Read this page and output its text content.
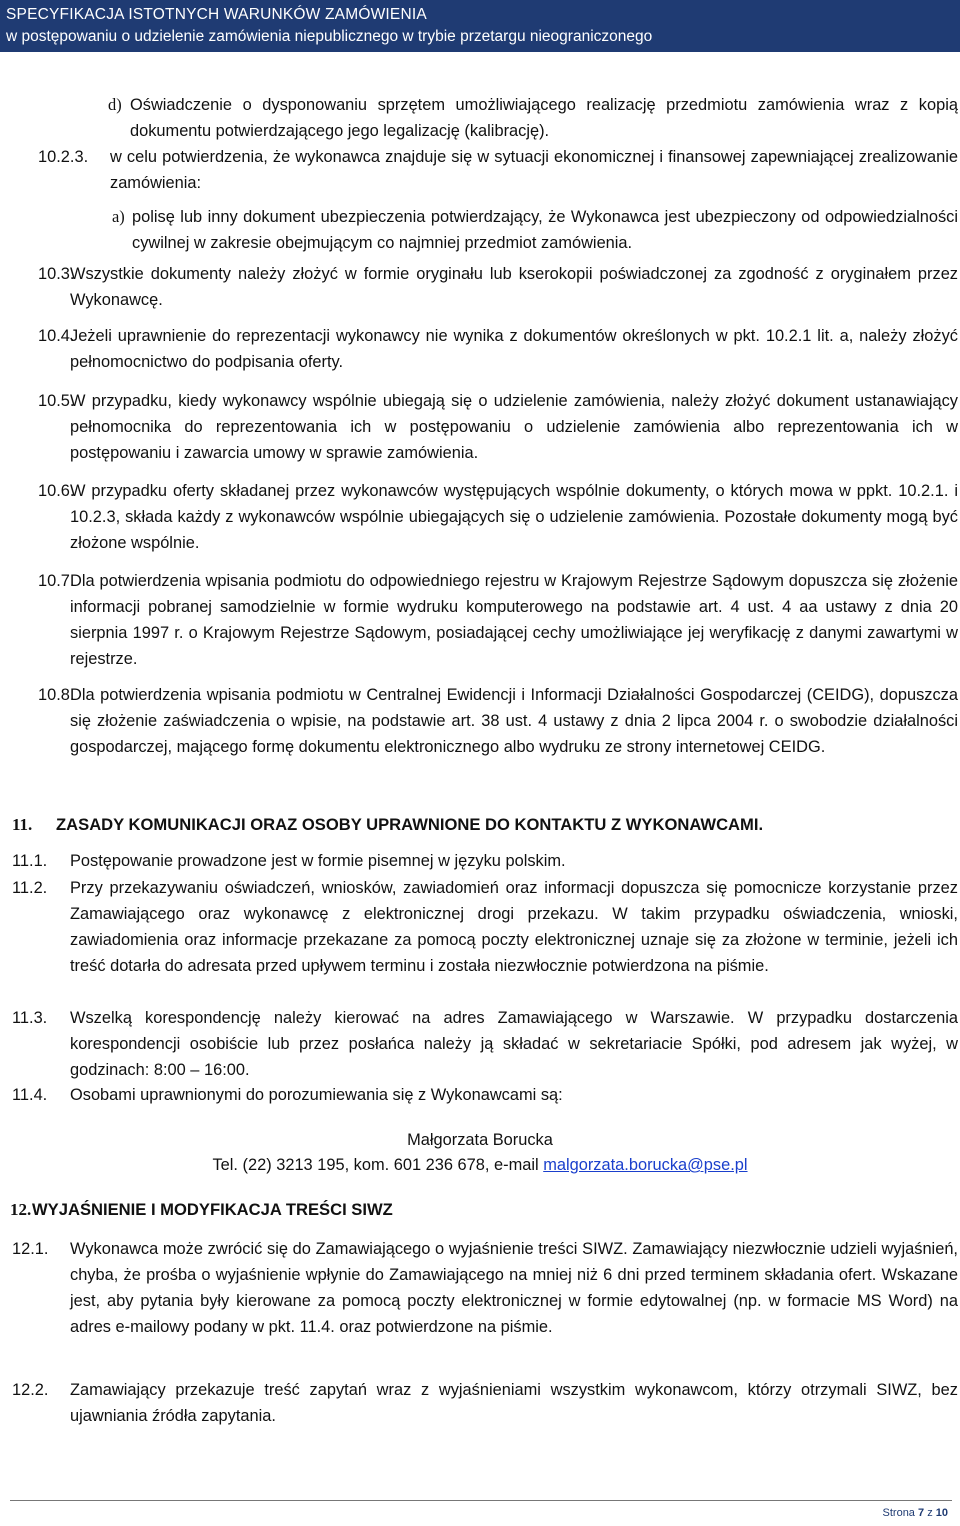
SPECYFIKACJA ISTOTNYCH WARUNKÓW ZAMÓWIENIA
w postępowaniu o udzielenie zamówienia niepublicznego w trybie przetargu nieograniczonego
d) Oświadczenie o dysponowaniu sprzętem umożliwiającego realizację przedmiotu zamówienia wraz z kopią dokumentu potwierdzającego jego legalizację (kalibrację).
10.2.3. w celu potwierdzenia, że wykonawca znajduje się w sytuacji ekonomicznej i finansowej zapewniającej zrealizowanie zamówienia:
a) polisę lub inny dokument ubezpieczenia potwierdzający, że Wykonawca jest ubezpieczony od odpowiedzialności cywilnej w zakresie obejmującym co najmniej przedmiot zamówienia.
10.3.
Wszystkie dokumenty należy złożyć w formie oryginału lub kserokopii poświadczonej za zgodność z oryginałem przez Wykonawcę.
10.4.
Jeżeli uprawnienie do reprezentacji wykonawcy nie wynika z dokumentów określonych w pkt. 10.2.1 lit. a, należy złożyć pełnomocnictwo do podpisania oferty.
10.5.
W przypadku, kiedy wykonawcy wspólnie ubiegają się o udzielenie zamówienia, należy złożyć dokument ustanawiający pełnomocnika do reprezentowania ich w postępowaniu o udzielenie zamówienia albo reprezentowania ich w postępowaniu i zawarcia umowy w sprawie zamówienia.
10.6.
W przypadku oferty składanej przez wykonawców występujących wspólnie dokumenty, o których mowa w ppkt. 10.2.1. i 10.2.3, składa każdy z wykonawców wspólnie ubiegających się o udzielenie zamówienia. Pozostałe dokumenty mogą być złożone wspólnie.
10.7.
Dla potwierdzenia wpisania podmiotu do odpowiedniego rejestru w Krajowym Rejestrze Sądowym dopuszcza się złożenie informacji pobranej samodzielnie w formie wydruku komputerowego na podstawie art. 4 ust. 4 aa ustawy z dnia 20 sierpnia 1997 r. o Krajowym Rejestrze Sądowym, posiadającej cechy umożliwiające jej weryfikację z danymi zawartymi w rejestrze.
10.8.
Dla potwierdzenia wpisania podmiotu w Centralnej Ewidencji i Informacji Działalności Gospodarczej (CEIDG), dopuszcza się złożenie zaświadczenia o wpisie, na podstawie art. 38 ust. 4 ustawy z dnia 2 lipca 2004 r. o swobodzie działalności gospodarczej, mającego formę dokumentu elektronicznego albo wydruku ze strony internetowej CEIDG.
11. ZASADY KOMUNIKACJI ORAZ OSOBY UPRAWNIONE DO KONTAKTU Z WYKONAWCAMI.
11.1. Postępowanie prowadzone jest w formie pisemnej w języku polskim.
11.2. Przy przekazywaniu oświadczeń, wniosków, zawiadomień oraz informacji dopuszcza się pomocnicze korzystanie przez Zamawiającego oraz wykonawcę z elektronicznej drogi przekazu. W takim przypadku oświadczenia, wnioski, zawiadomienia oraz informacje przekazane za pomocą poczty elektronicznej uznaje się za złożone w terminie, jeżeli ich treść dotarła do adresata przed upływem terminu i została niezwłocznie potwierdzona na piśmie.
11.3. Wszelką korespondencję należy kierować na adres Zamawiającego w Warszawie. W przypadku dostarczenia korespondencji osobiście lub przez posłańca należy ją składać w sekretariacie Spółki, pod adresem jak wyżej, w godzinach: 8:00 – 16:00.
11.4. Osobami uprawnionymi do porozumiewania się z Wykonawcami są:
Małgorzata Borucka
Tel. (22) 3213 195, kom. 601 236 678, e-mail malgorzata.borucka@pse.pl
12. WYJAŚNIENIE I MODYFIKACJA TREŚCI SIWZ
12.1. Wykonawca może zwrócić się do Zamawiającego o wyjaśnienie treści SIWZ. Zamawiający niezwłocznie udzieli wyjaśnień, chyba, że prośba o wyjaśnienie wpłynie do Zamawiającego na mniej niż 6 dni przed terminem składania ofert. Wskazane jest, aby pytania były kierowane za pomocą poczty elektronicznej w formie edytowalnej (np. w formacie MS Word) na adres e-mailowy podany w pkt. 11.4. oraz potwierdzone na piśmie.
12.2. Zamawiający przekazuje treść zapytań wraz z wyjaśnieniami wszystkim wykonawcom, którzy otrzymali SIWZ, bez ujawniania źródła zapytania.
Strona 7 z 10
